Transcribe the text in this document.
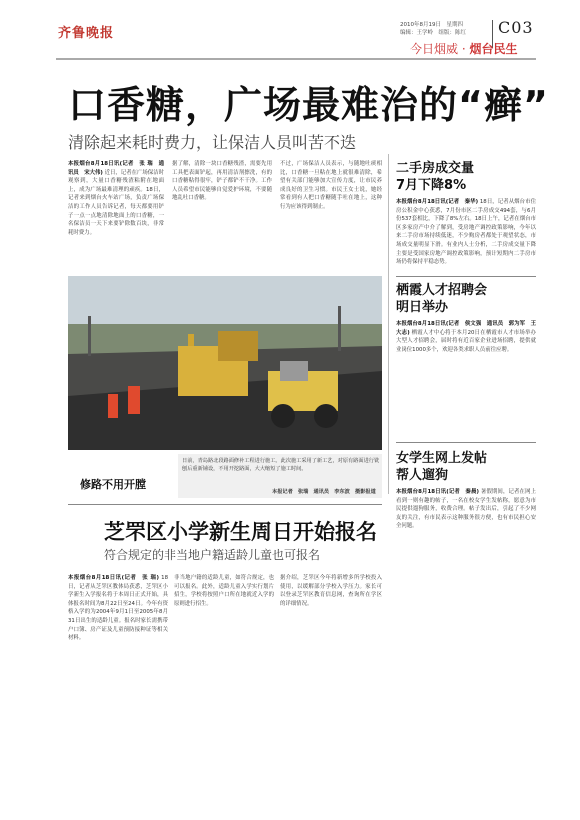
齐鲁晚报
2010年8月19日　星期四
编辑：王学岭　组版：陈红 C03
今日烟威 · 烟台民生
口香糖，广场最难治的“癣”
清除起来耗时费力，让保洁人员叫苦不迭
本报烟台8月18日讯(记者　张 瑞　通讯员　宋大伟) 近日，记者在广场保洁时观察到，大量口香糖残渣粘附在地面上，成为广场最难清理的顽疾。18日，记者来到烟台火车站广场，负责广场保洁的工作人员告诉记者，每天都要用铲子一点一点地清除地面上的口香糖，一名保洁员一天下来要铲除数百块，非常耗时费力。
据了解，清除一块口香糖残渣，需要先用工具把表面铲起，再用清洁剂擦洗，有的口香糖粘得很牢，铲子都铲不干净。工作人员希望市民能够自觉爱护环境，不要随地乱吐口香糖。
不过，广场保洁人员表示，与随地吐痰相比，口香糖一旦粘在地上就很难清除，希望有关部门能够加大宣传力度，让市民养成良好的卫生习惯。市民王女士说，她经常看到有人把口香糖随手吐在地上，这种行为应该得到制止。
修路不用开膛
日前，青岛路北段路面修补工程进行施工。此次施工采用了新工艺，对原有路面进行铣刨后重新铺设，不用开挖路面，大大缩短了施工时间。
本报记者　张瑞　通讯员　李东波　摄影报道
芝罘区小学新生周日开始报名
符合规定的非当地户籍适龄儿童也可报名
本报烟台8月18日讯(记者　张 瑞) 18日，记者从芝罘区教体局获悉，芝罘区小学新生入学报名将于本周日正式开始，具体报名时间为8月22日至24日。今年有资格入学的为2004年9月1日至2005年8月31日出生的适龄儿童。报名时家长需携带户口簿、房产证及儿童预防接种证等相关材料。
非当地户籍的适龄儿童，如符合规定，也可以报名。此外，适龄儿童入学实行划片招生，学校将按照户口所在地就近入学的原则进行招生。
据介绍，芝罘区今年将新增多所学校投入使用，以缓解部分学校入学压力。家长可以登录芝罘区教育信息网，查询所在学区的详细情况。
二手房成交量
7月下降8%
本报烟台8月18日讯(记者　秦华) 18日，记者从烟台市住房公积金中心获悉，7月份市区二手房成交494套，与6月份537套相比，下降了8%左右。18日上午，记者在烟台市区多家房产中介了解到，受房地产调控政策影响，今年以来二手房市场持续低迷，不少购房者都处于观望状态，市场成交量明显下滑。有业内人士分析，二手房成交量下降主要是受国家房地产调控政策影响，预计短期内二手房市场仍将保持平稳态势。
栖霞人才招聘会
明日举办
本报烟台8月18日讯(记者　侯文强　通讯员　郭为军　王大志) 栖霞人才中心将于本月20日在栖霞市人才市场举办大型人才招聘会，届时将有近百家企业进场招聘，提供就业岗位1000多个，欢迎各类求职人员前往应聘。
女学生网上发帖
帮人遛狗
本报烟台8月18日讯(记者　秦晨) 暑假期间，记者在网上看到一则有趣的帖子，一名在校女学生发帖称，愿意为市民提供遛狗服务，收费合理。帖子发出后，引起了不少网友的关注，有市民表示这种服务很方便，也有市民担心安全问题。
